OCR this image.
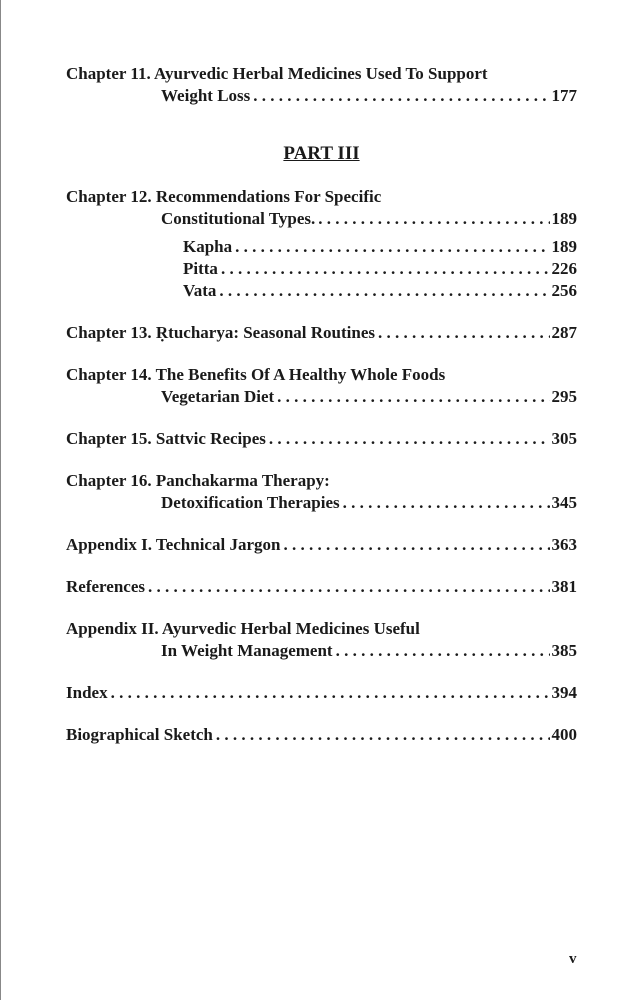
Chapter 11. Ayurvedic Herbal Medicines Used To Support
Weight Loss . . .	177
PART III
Chapter 12. Recommendations For Specific
Constitutional Types. . . .	189
Kapha . . .	189
Pitta . . .	226
Vata . . .	256
Chapter 13. Ṛtucharya: Seasonal Routines . . .	287
Chapter 14. The Benefits Of A Healthy Whole Foods
Vegetarian Diet . . .	295
Chapter 15. Sattvic Recipes . . .	305
Chapter 16. Panchakarma Therapy:
Detoxification Therapies . . .	345
Appendix I. Technical Jargon . . .	363
References . . .	381
Appendix II. Ayurvedic Herbal Medicines Useful
In Weight Management . . .	385
Index . . .	394
Biographical Sketch . . .	400
v
